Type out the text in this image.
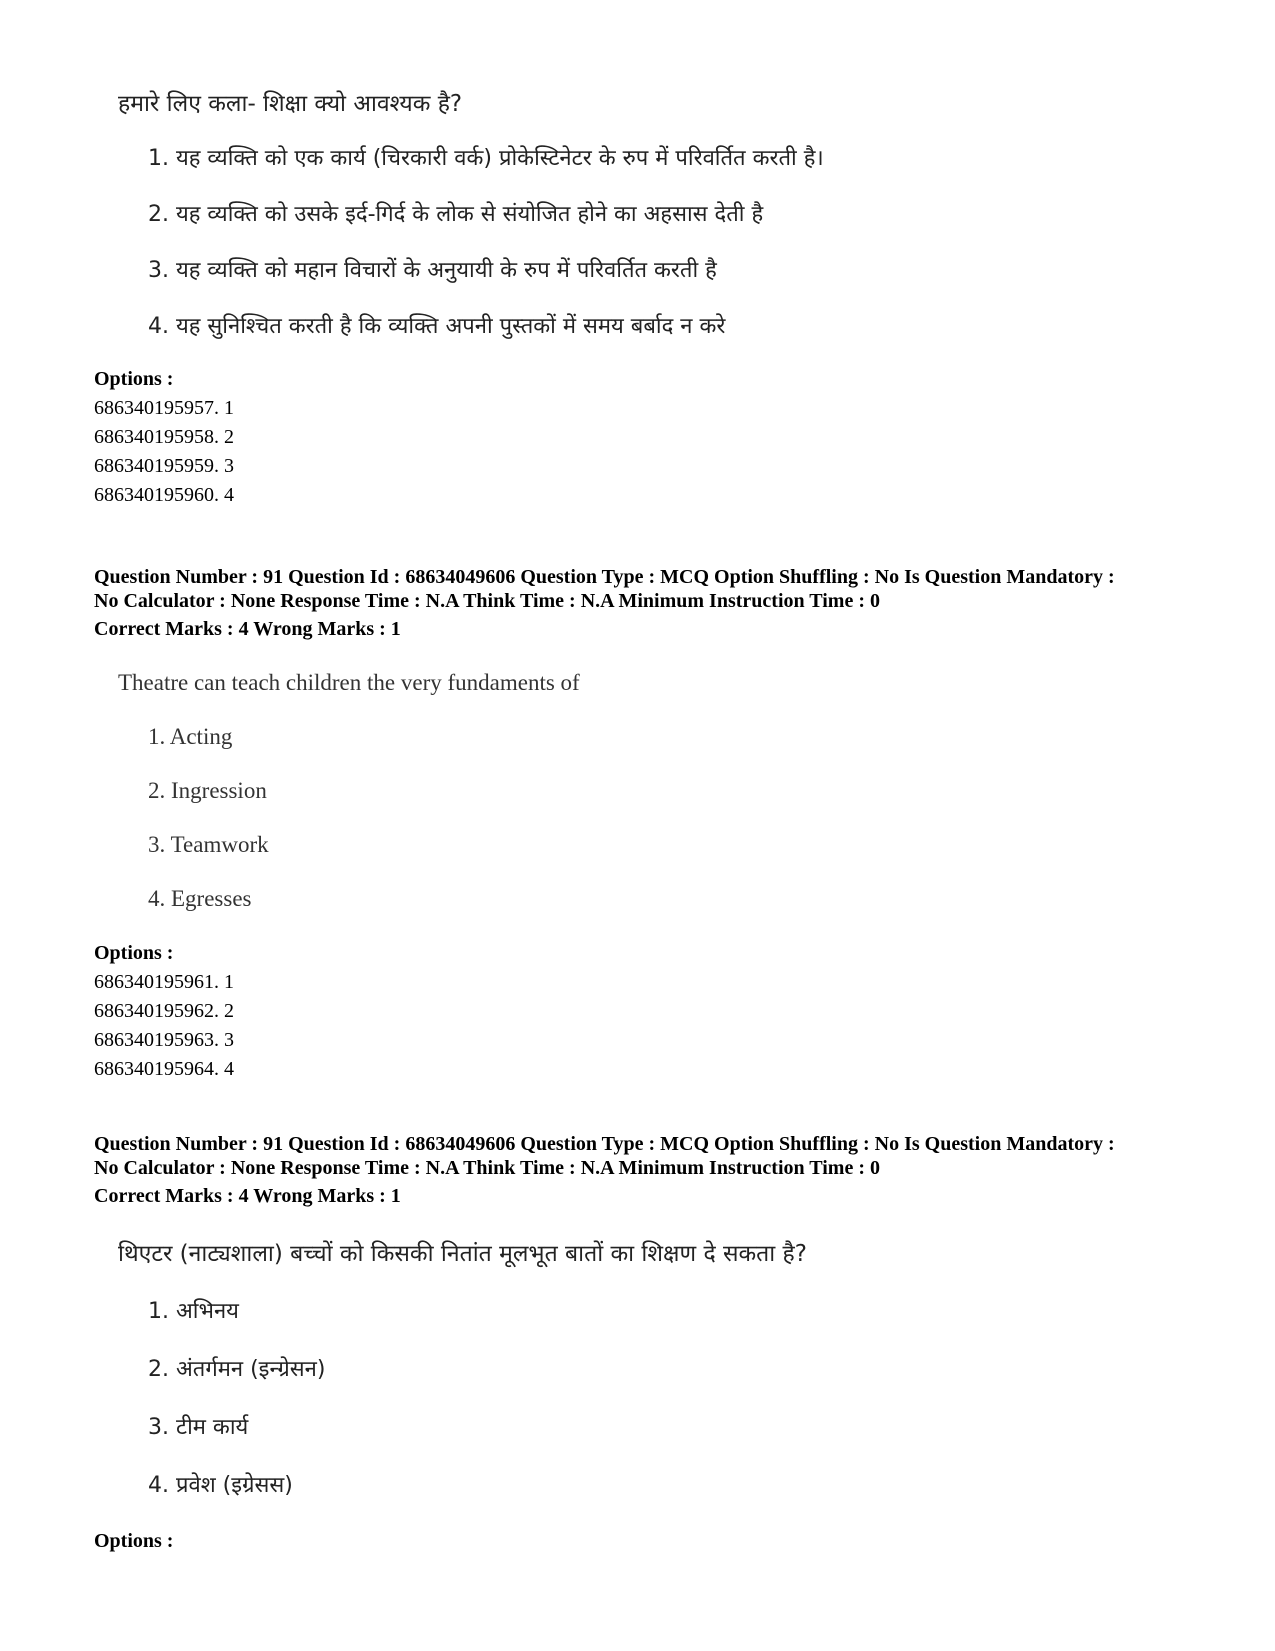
हमारे लिए कला- शिक्षा क्यो आवश्यक है?
1. यह व्यक्ति को एक कार्य (चिरकारी वर्क) प्रोकेस्टिनेटर के रुप में परिवर्तित करती है।
2. यह व्यक्ति को उसके इर्द-गिर्द के लोक से संयोजित होने का अहसास देती है
3. यह व्यक्ति को महान विचारों के अनुयायी के रुप में परिवर्तित करती है
4. यह सुनिश्चित करती है कि व्यक्ति अपनी पुस्तकों में समय बर्बाद न करे
Options :
686340195957. 1
686340195958. 2
686340195959. 3
686340195960. 4
Question Number : 91 Question Id : 68634049606 Question Type : MCQ Option Shuffling : No Is Question Mandatory :
No Calculator : None Response Time : N.A Think Time : N.A Minimum Instruction Time : 0
Correct Marks : 4 Wrong Marks : 1
Theatre can teach children the very fundaments of
1. Acting
2. Ingression
3. Teamwork
4. Egresses
Options :
686340195961. 1
686340195962. 2
686340195963. 3
686340195964. 4
Question Number : 91 Question Id : 68634049606 Question Type : MCQ Option Shuffling : No Is Question Mandatory :
No Calculator : None Response Time : N.A Think Time : N.A Minimum Instruction Time : 0
Correct Marks : 4 Wrong Marks : 1
थिएटर (नाट्यशाला) बच्चों को किसकी नितांत मूलभूत बातों का शिक्षण दे सकता है?
1. अभिनय
2. अंतर्गमन (इन्ग्रेसन)
3. टीम कार्य
4. प्रवेश (इग्रेसस)
Options :
